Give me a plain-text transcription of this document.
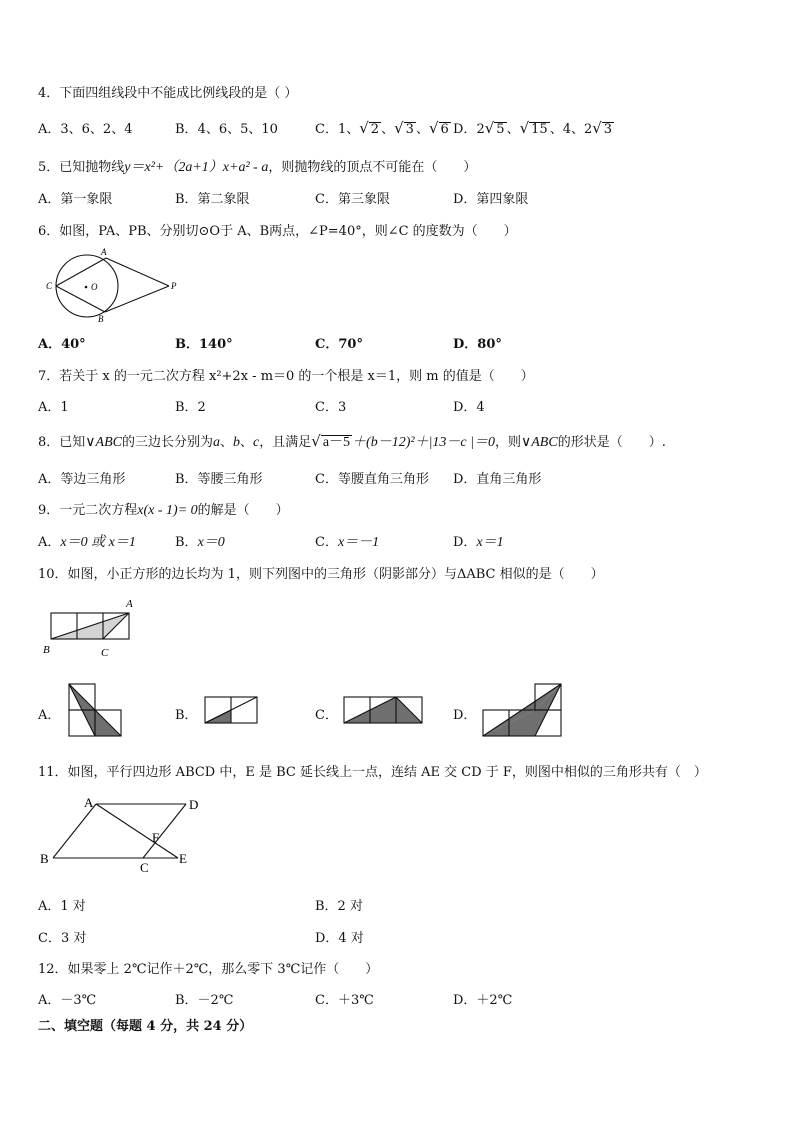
4．下面四组线段中不能成比例线段的是（ ）
A．3、6、2、4	B．4、6、5、10	C．1、√ 2 、√ 3 、√ 6 D．2√ 5 、√ 15 、4、2√ 3
5．已知抛物线y＝x²+（2a+1）x+a² - a，则抛物线的顶点不可能在（　　）
A．第一象限	B．第二象限	C．第三象限	D．第四象限
6．如图，PA、PB、分别切⊙O于 A、B两点，∠P=40°，则∠C 的度数为（　　）
A
B
C	O	P
A．40°	B．140°	C．70°	D．80°
7．若关于 x 的一元二次方程 x²+2x - m＝0 的一个根是 x＝1，则 m 的值是（　　）
A．1	B．2	C．3	D．4
8．已知∨ABC的三边长分别为a、b、c，且满足√ a－5 ＋(b－12)²＋|13－c |＝0，则∨ABC的形状是（　　）.
A．等边三角形	B．等腰三角形	C．等腰直角三角形 D．直角三角形
9．一元二次方程x(x - 1)= 0的解是（　　）
A．x＝0 或 x＝1	B．x＝0	C．x＝－1	D．x＝1
10．如图，小正方形的边长均为 1，则下列图中的三角形（阴影部分）与ΔABC 相似的是（　　）
A
B	C
A．	B．	C．	D．
11．如图，平行四边形 ABCD 中，E 是 BC 延长线上一点，连结 AE 交 CD 于 F，则图中相似的三角形共有（　）
A	D
B
C
E
F
A．1 对	B．2 对
C．3 对	D．4 对
12．如果零上 2℃记作＋2℃，那么零下 3℃记作（　　）
A．－3℃	B．－2℃	C．＋3℃	D．＋2℃
二、填空题（每题 4 分，共 24 分）
